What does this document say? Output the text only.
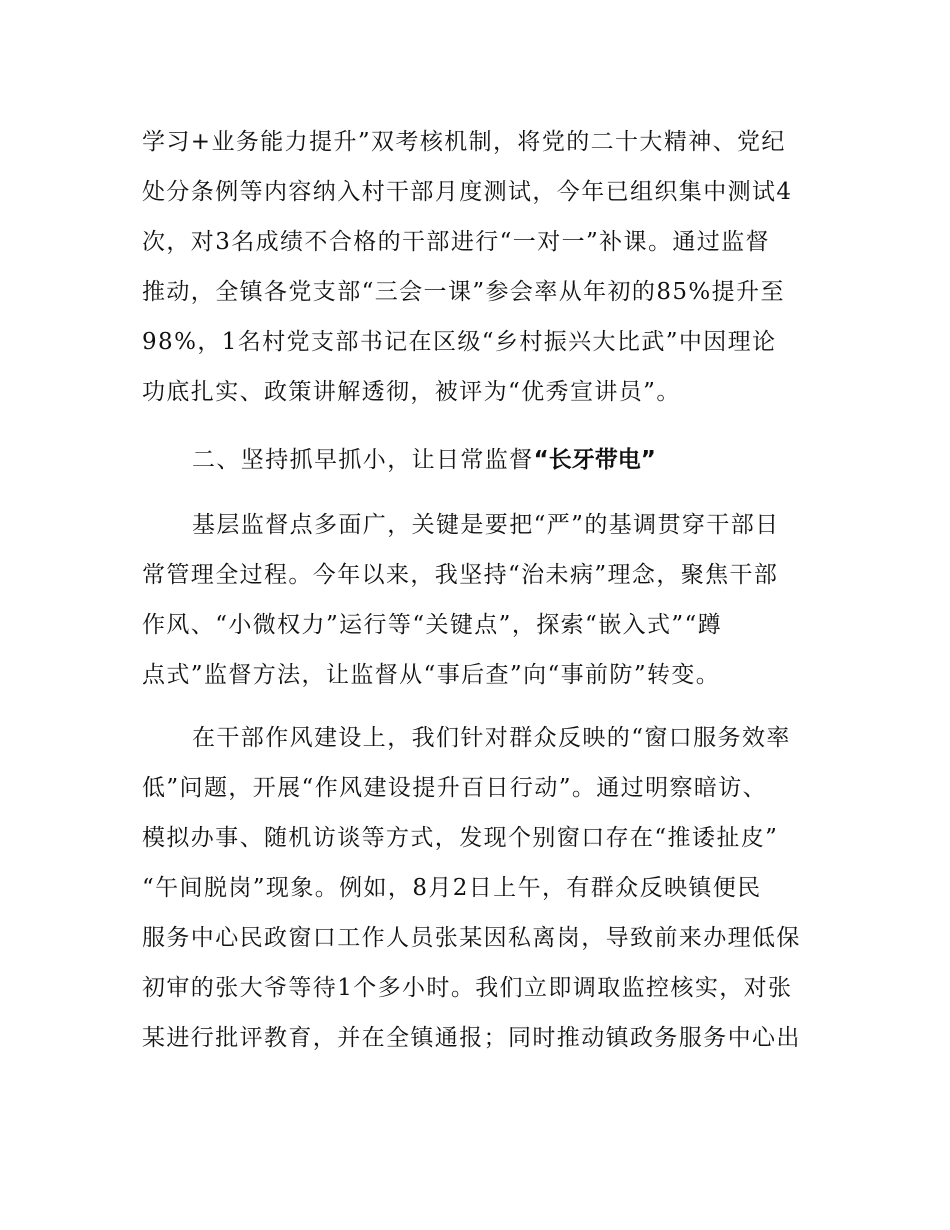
学习+业务能力提升”双考核机制，将党的二十大精神、党纪
处分条例等内容纳入村干部月度测试，今年已组织集中测试4
次，对3名成绩不合格的干部进行“一对一”补课。通过监督
推动，全镇各党支部“三会一课”参会率从年初的85%提升至
98%，1名村党支部书记在区级“乡村振兴大比武”中因理论
功底扎实、政策讲解透彻，被评为“优秀宣讲员”。
二、坚持抓早抓小，让日常监督“长牙带电”
基层监督点多面广，关键是要把“严”的基调贯穿干部日
常管理全过程。今年以来，我坚持“治未病”理念，聚焦干部
作风、“小微权力”运行等“关键点”，探索“嵌入式”“蹲
点式”监督方法，让监督从“事后查”向“事前防”转变。
在干部作风建设上，我们针对群众反映的“窗口服务效率
低”问题，开展“作风建设提升百日行动”。通过明察暗访、
模拟办事、随机访谈等方式，发现个别窗口存在“推诿扯皮”
“午间脱岗”现象。例如，8月2日上午，有群众反映镇便民
服务中心民政窗口工作人员张某因私离岗，导致前来办理低保
初审的张大爷等待1个多小时。我们立即调取监控核实，对张
某进行批评教育，并在全镇通报；同时推动镇政务服务中心出
